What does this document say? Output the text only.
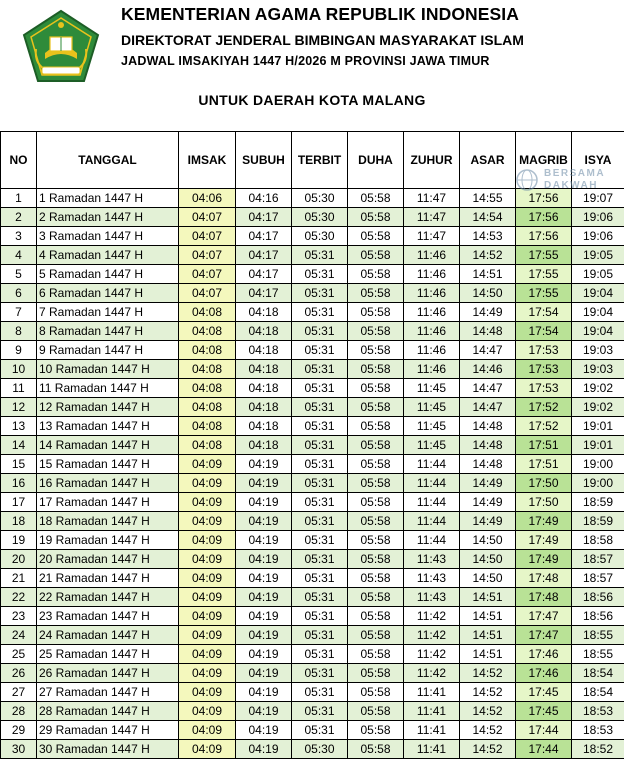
KEMENTERIAN AGAMA REPUBLIK INDONESIA
DIREKTORAT JENDERAL BIMBINGAN MASYARAKAT ISLAM
JADWAL IMSAKIYAH 1447 H/2026 M PROVINSI JAWA TIMUR
UNTUK DAERAH KOTA MALANG
NO	TANGGAL	IMSAK	SUBUH	TERBIT	DUHA	ZUHUR	ASAR	MAGRIB	ISYA
1	1 Ramadan 1447 H	04:06	04:16	05:30	05:58	11:47	14:55	17:56	19:07
2	2 Ramadan 1447 H	04:07	04:17	05:30	05:58	11:47	14:54	17:56	19:06
3	3 Ramadan 1447 H	04:07	04:17	05:30	05:58	11:47	14:53	17:56	19:06
4	4 Ramadan 1447 H	04:07	04:17	05:31	05:58	11:46	14:52	17:55	19:05
5	5 Ramadan 1447 H	04:07	04:17	05:31	05:58	11:46	14:51	17:55	19:05
6	6 Ramadan 1447 H	04:07	04:17	05:31	05:58	11:46	14:50	17:55	19:04
7	7 Ramadan 1447 H	04:08	04:18	05:31	05:58	11:46	14:49	17:54	19:04
8	8 Ramadan 1447 H	04:08	04:18	05:31	05:58	11:46	14:48	17:54	19:04
9	9 Ramadan 1447 H	04:08	04:18	05:31	05:58	11:46	14:47	17:53	19:03
10	10 Ramadan 1447 H	04:08	04:18	05:31	05:58	11:46	14:46	17:53	19:03
11	11 Ramadan 1447 H	04:08	04:18	05:31	05:58	11:45	14:47	17:53	19:02
12	12 Ramadan 1447 H	04:08	04:18	05:31	05:58	11:45	14:47	17:52	19:02
13	13 Ramadan 1447 H	04:08	04:18	05:31	05:58	11:45	14:48	17:52	19:01
14	14 Ramadan 1447 H	04:08	04:18	05:31	05:58	11:45	14:48	17:51	19:01
15	15 Ramadan 1447 H	04:09	04:19	05:31	05:58	11:44	14:48	17:51	19:00
16	16 Ramadan 1447 H	04:09	04:19	05:31	05:58	11:44	14:49	17:50	19:00
17	17 Ramadan 1447 H	04:09	04:19	05:31	05:58	11:44	14:49	17:50	18:59
18	18 Ramadan 1447 H	04:09	04:19	05:31	05:58	11:44	14:49	17:49	18:59
19	19 Ramadan 1447 H	04:09	04:19	05:31	05:58	11:44	14:50	17:49	18:58
20	20 Ramadan 1447 H	04:09	04:19	05:31	05:58	11:43	14:50	17:49	18:57
21	21 Ramadan 1447 H	04:09	04:19	05:31	05:58	11:43	14:50	17:48	18:57
22	22 Ramadan 1447 H	04:09	04:19	05:31	05:58	11:43	14:51	17:48	18:56
23	23 Ramadan 1447 H	04:09	04:19	05:31	05:58	11:42	14:51	17:47	18:56
24	24 Ramadan 1447 H	04:09	04:19	05:31	05:58	11:42	14:51	17:47	18:55
25	25 Ramadan 1447 H	04:09	04:19	05:31	05:58	11:42	14:51	17:46	18:55
26	26 Ramadan 1447 H	04:09	04:19	05:31	05:58	11:42	14:52	17:46	18:54
27	27 Ramadan 1447 H	04:09	04:19	05:31	05:58	11:41	14:52	17:45	18:54
28	28 Ramadan 1447 H	04:09	04:19	05:31	05:58	11:41	14:52	17:45	18:53
29	29 Ramadan 1447 H	04:09	04:19	05:31	05:58	11:41	14:52	17:44	18:53
30	30 Ramadan 1447 H	04:09	04:19	05:30	05:58	11:41	14:52	17:44	18:52
BERSAMA
DAKWAH
